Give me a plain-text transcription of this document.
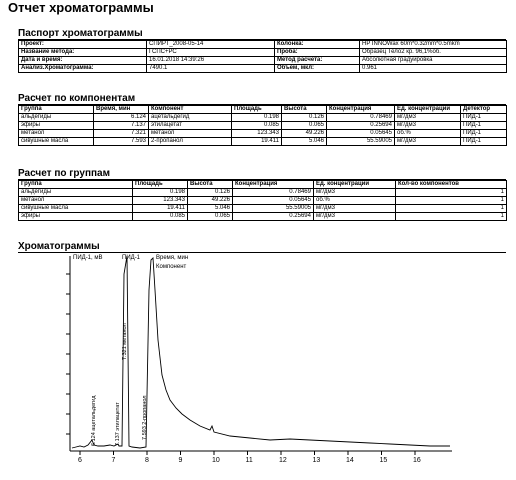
Отчет хроматограммы
Паспорт хроматограммы
Проект:	СПИРТ_2008-05-14	Колонка:	HP INNOWax 60m*0.32mm*0.5mkm
Название метода:	ГСПС+РС	Проба:	Образец Тело2 кр. 96,1%об.
Дата и время:	16.01.2018 14:39:26	Метод расчета:	Абсолютная градуировка
Анализ.Хроматограмма:	7490.1	Объем, мкл:	0.961
Расчет по компонентам
Группа	Время, мин	Компонент	Площадь	Высота	Концентрация	Ед. концентрации	Детектор
альдегиды	6.124	ацетальдегид	0.198	0.126	0.78469	мг/дм3	ПИД-1
эфиры	7.137	этилацетат	0.085	0.065	0.25694	мг/дм3	ПИД-1
метанол	7.321	метанол	123.343	49.226	0.05645	об.%	ПИД-1
сивушные масла	7.593	2-пропанол	19.411	5.046	55.59005	мг/дм3	ПИД-1
Расчет по группам
Группа	Площадь	Высота	Концентрация	Ед. концентрации	Кол-во компонентов
альдегиды	0.198	0.126	0.78469	мг/дм3	1
метанол	123.343	49.226	0.05645	об.%	1
сивушные масла	19.411	5.046	55.59005	мг/дм3	1
эфиры	0.085	0.065	0.25694	мг/дм3	1
Хроматограммы
ПИД-1, мВ	ПИД-1
6	7	8	9	10	11	12	13	14	15	16
Время, мин
Компонент
6.124 ацетальдегид	7.137 этилацетат
7.321 метанол
7.593 2-пропанол
